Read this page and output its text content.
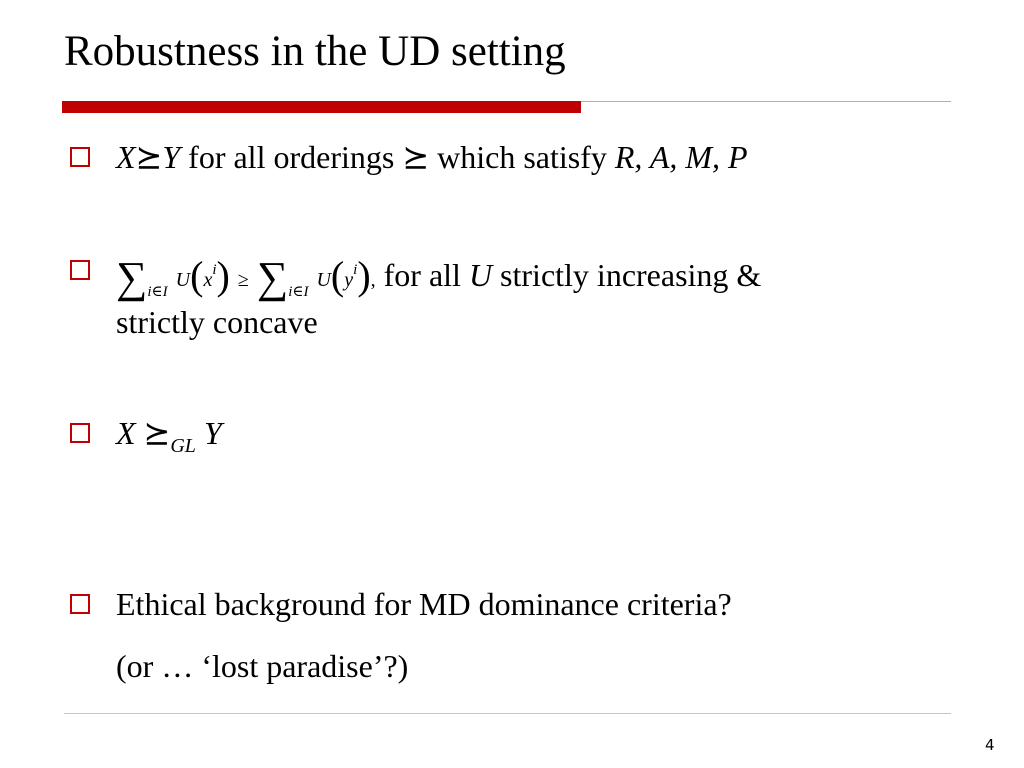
Robustness in the UD setting
X⪰Y for all orderings ⪰ which satisfy R, A, M, P
$\sum_{i\in I}$ $U(x^i) \ge \sum_{i\in I}$ $U(y^i)$, for all U strictly increasing &
strictly concave
X $⪰_{GL}$ Y
Ethical background for MD dominance criteria?
(or … ‘lost paradise’?)
4
